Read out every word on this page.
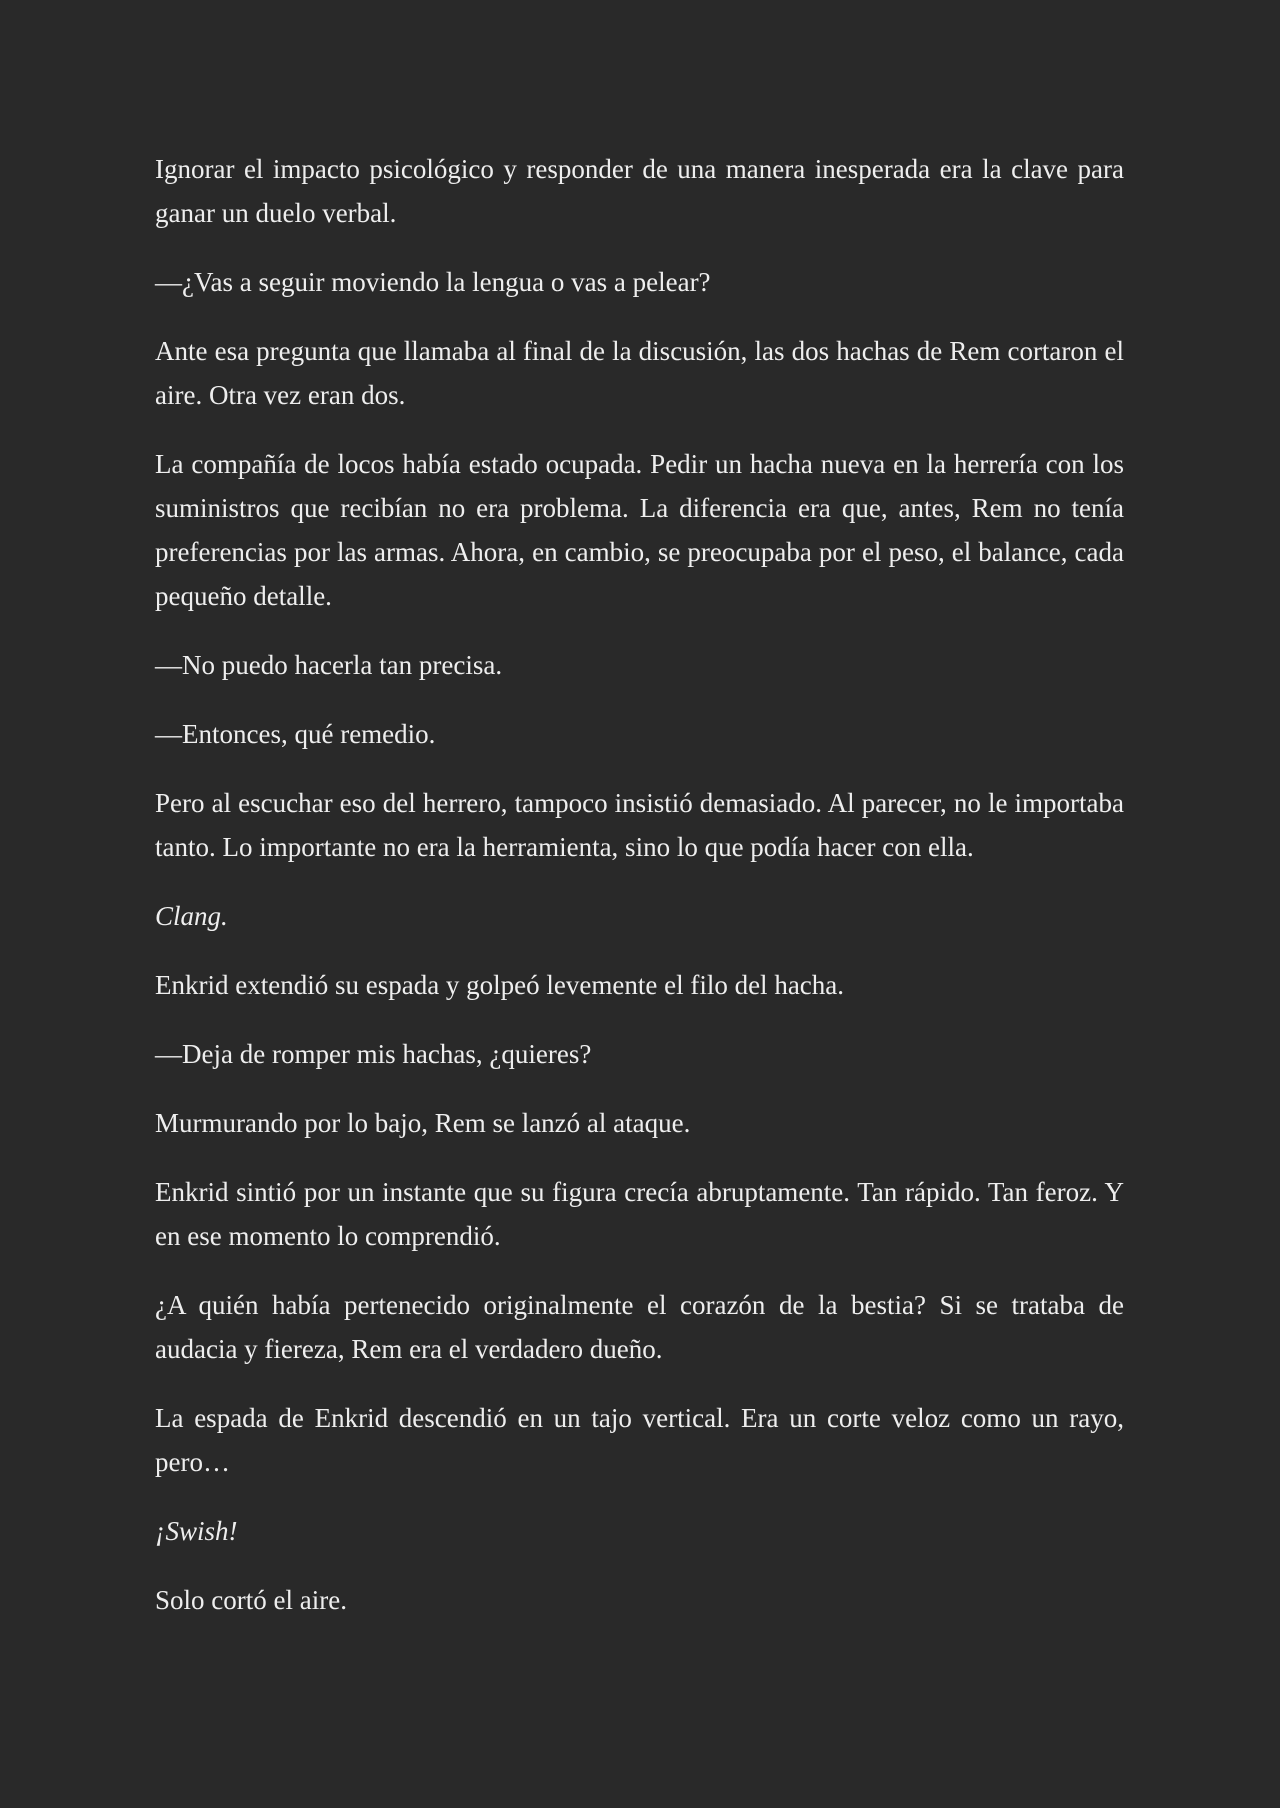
Ignorar el impacto psicológico y responder de una manera inesperada era la clave para ganar un duelo verbal.

—¿Vas a seguir moviendo la lengua o vas a pelear?

Ante esa pregunta que llamaba al final de la discusión, las dos hachas de Rem cortaron el aire. Otra vez eran dos.

La compañía de locos había estado ocupada. Pedir un hacha nueva en la herrería con los suministros que recibían no era problema. La diferencia era que, antes, Rem no tenía preferencias por las armas. Ahora, en cambio, se preocupaba por el peso, el balance, cada pequeño detalle.

—No puedo hacerla tan precisa.

—Entonces, qué remedio.

Pero al escuchar eso del herrero, tampoco insistió demasiado. Al parecer, no le importaba tanto. Lo importante no era la herramienta, sino lo que podía hacer con ella.

Clang.

Enkrid extendió su espada y golpeó levemente el filo del hacha.

—Deja de romper mis hachas, ¿quieres?

Murmurando por lo bajo, Rem se lanzó al ataque.

Enkrid sintió por un instante que su figura crecía abruptamente. Tan rápido. Tan feroz. Y en ese momento lo comprendió.

¿A quién había pertenecido originalmente el corazón de la bestia? Si se trataba de audacia y fiereza, Rem era el verdadero dueño.

La espada de Enkrid descendió en un tajo vertical. Era un corte veloz como un rayo, pero…

¡Swish!

Solo cortó el aire.
